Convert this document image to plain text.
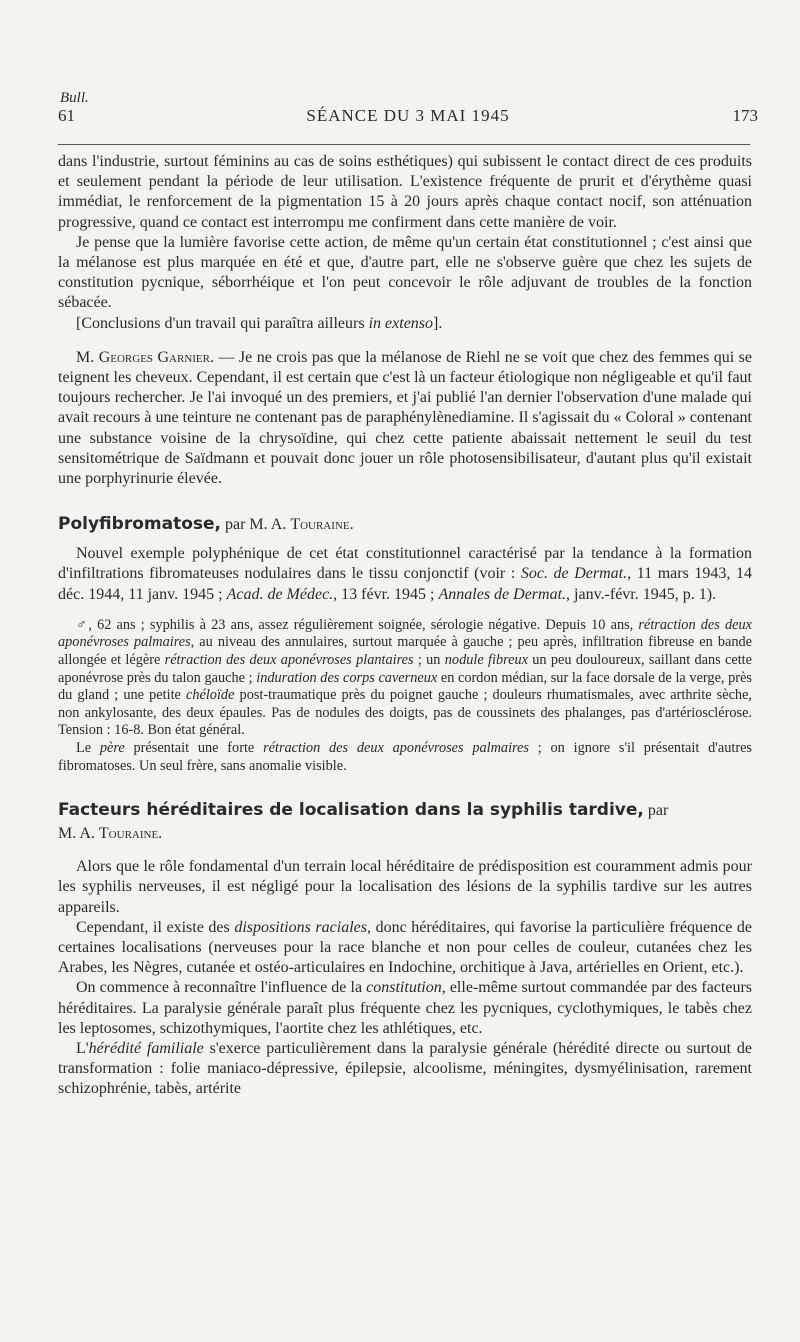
Bull.
61	SÉANCE DU 3 MAI 1945	173

dans l'industrie, surtout féminins au cas de soins esthétiques) qui subissent le contact direct de ces produits et seulement pendant la période de leur utilisation. L'existence fréquente de prurit et d'érythème quasi immédiat, le renforcement de la pigmentation 15 à 20 jours après chaque contact nocif, son atténuation progressive, quand ce contact est interrompu me confirment dans cette manière de voir.

Je pense que la lumière favorise cette action, de même qu'un certain état constitutionnel ; c'est ainsi que la mélanose est plus marquée en été et que, d'autre part, elle ne s'observe guère que chez les sujets de constitution pycnique, séborrhéique et l'on peut concevoir le rôle adjuvant de troubles de la fonction sébacée.

[Conclusions d'un travail qui paraîtra ailleurs in extenso].

M. Georges Garnier. — Je ne crois pas que la mélanose de Riehl ne se voit que chez des femmes qui se teignent les cheveux. Cependant, il est certain que c'est là un facteur étiologique non négligeable et qu'il faut toujours rechercher. Je l'ai invoqué un des premiers, et j'ai publié l'an dernier l'observation d'une malade qui avait recours à une teinture ne contenant pas de paraphénylènediamine. Il s'agissait du « Coloral » contenant une substance voisine de la chrysoïdine, qui chez cette patiente abaissait nettement le seuil du test sensitométrique de Saïdmann et pouvait donc jouer un rôle photosensibilisateur, d'autant plus qu'il existait une porphyrinurie élevée.

Polyfibromatose, par M. A. Touraine.

Nouvel exemple polyphénique de cet état constitutionnel caractérisé par la tendance à la formation d'infiltrations fibromateuses nodulaires dans le tissu conjonctif (voir : Soc. de Dermat., 11 mars 1943, 14 déc. 1944, 11 janv. 1945 ; Acad. de Médec., 13 févr. 1945 ; Annales de Dermat., janv.-févr. 1945, p. 1).

♂, 62 ans ; syphilis à 23 ans, assez régulièrement soignée, sérologie négative. Depuis 10 ans, rétraction des deux aponévroses palmaires, au niveau des annulaires, surtout marquée à gauche ; peu après, infiltration fibreuse en bande allongée et légère rétraction des deux aponévroses plantaires ; un nodule fibreux un peu douloureux, saillant dans cette aponévrose près du talon gauche ; induration des corps caverneux en cordon médian, sur la face dorsale de la verge, près du gland ; une petite chéloïde post-traumatique près du poignet gauche ; douleurs rhumatismales, avec arthrite sèche, non ankylosante, des deux épaules. Pas de nodules des doigts, pas de coussinets des phalanges, pas d'artériosclérose. Tension : 16-8. Bon état général.

Le père présentait une forte rétraction des deux aponévroses palmaires ; on ignore s'il présentait d'autres fibromatoses. Un seul frère, sans anomalie visible.

Facteurs héréditaires de localisation dans la syphilis tardive, par
M. A. Touraine.

Alors que le rôle fondamental d'un terrain local héréditaire de prédisposition est couramment admis pour les syphilis nerveuses, il est négligé pour la localisation des lésions de la syphilis tardive sur les autres appareils.

Cependant, il existe des dispositions raciales, donc héréditaires, qui favorise la particulière fréquence de certaines localisations (nerveuses pour la race blanche et non pour celles de couleur, cutanées chez les Arabes, les Nègres, cutanée et ostéo-articulaires en Indochine, orchitique à Java, artérielles en Orient, etc.).

On commence à reconnaître l'influence de la constitution, elle-même surtout commandée par des facteurs héréditaires. La paralysie générale paraît plus fréquente chez les pycniques, cyclothymiques, le tabès chez les leptosomes, schizothymiques, l'aortite chez les athlétiques, etc.

L'hérédité familiale s'exerce particulièrement dans la paralysie générale (hérédité directe ou surtout de transformation : folie maniaco-dépressive, épilepsie, alcoolisme, méningites, dysmyélinisation, rarement schizophrénie, tabès, artérite
